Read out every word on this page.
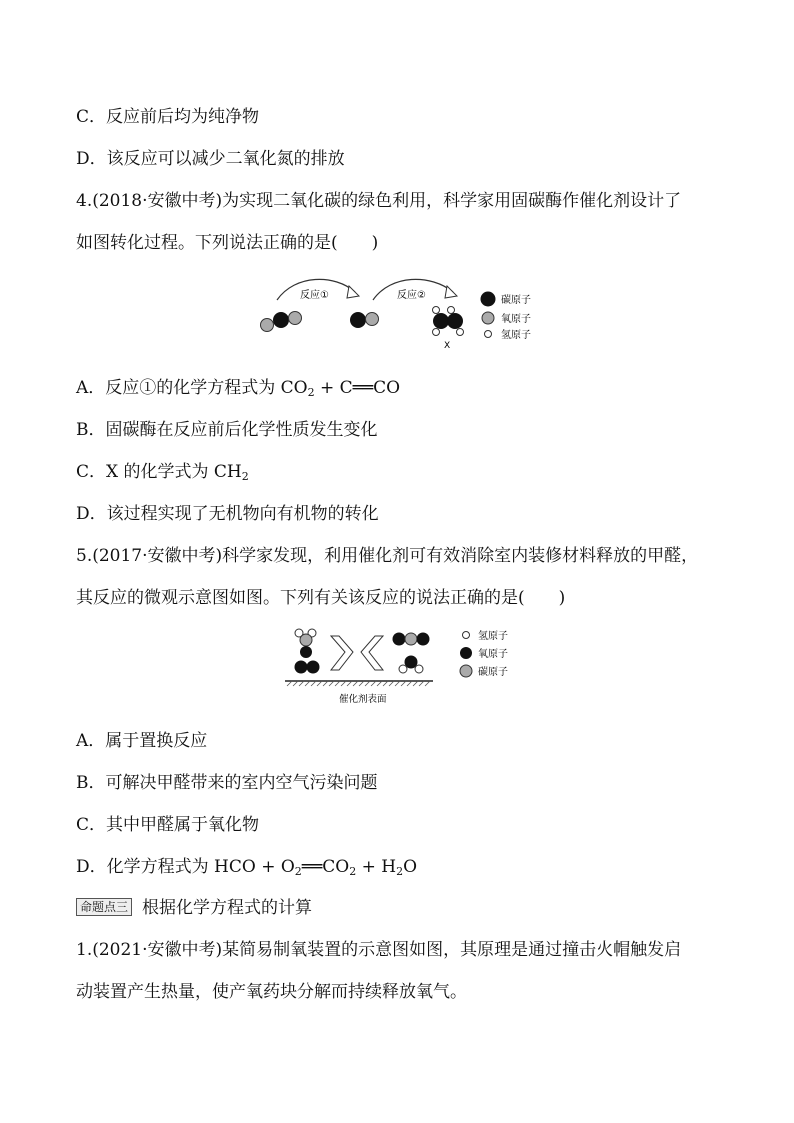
C．反应前后均为纯净物
D．该反应可以减少二氧化氮的排放
4.(2018·安徽中考)为实现二氧化碳的绿色利用，科学家用固碳酶作催化剂设计了
如图转化过程。下列说法正确的是(　　)
反应①	反应②
X
碳原子
氧原子
氢原子
A．反应①的化学方程式为 $CO_2$ + C══CO
B．固碳酶在反应前后化学性质发生变化
C．X 的化学式为 $CH_2$
D．该过程实现了无机物向有机物的转化
5.(2017·安徽中考)科学家发现，利用催化剂可有效消除室内装修材料释放的甲醛，
其反应的微观示意图如图。下列有关该反应的说法正确的是(　　)
催化剂表面
氢原子
氧原子
碳原子
A．属于置换反应
B．可解决甲醛带来的室内空气污染问题
C．其中甲醛属于氧化物
D．化学方程式为 HCO + $O_2══CO_2 + H_2O$
命题点三 根据化学方程式的计算
1.(2021·安徽中考)某简易制氧装置的示意图如图，其原理是通过撞击火帽触发启
动装置产生热量，使产氧药块分解而持续释放氧气。
